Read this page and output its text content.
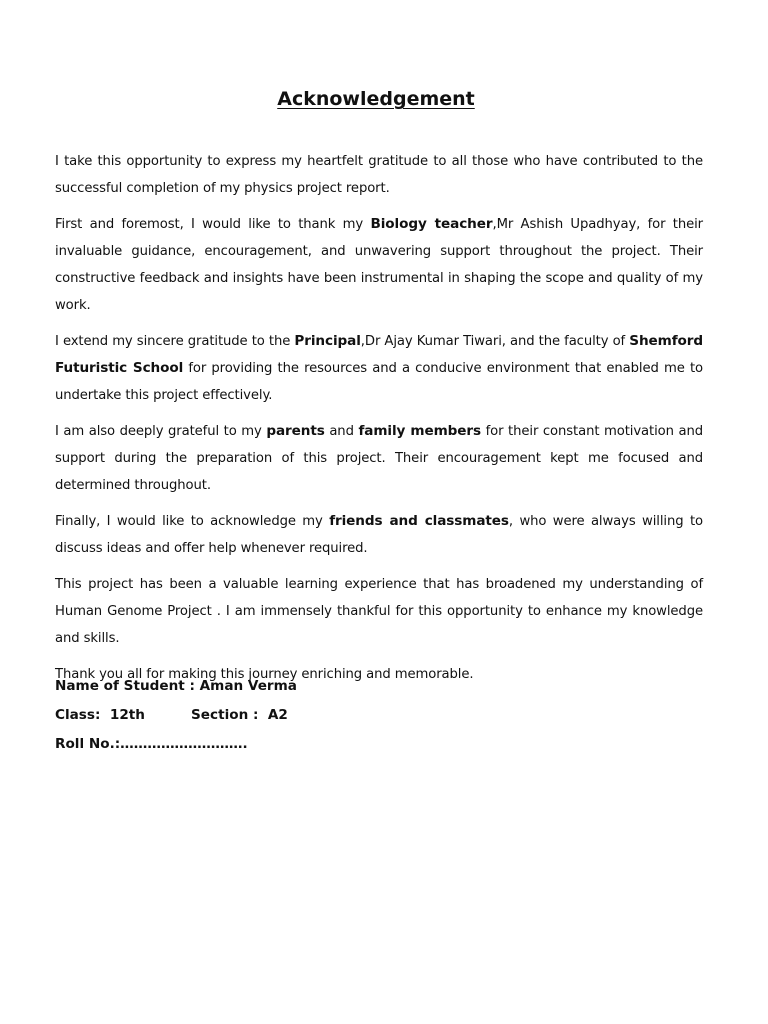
Acknowledgement

I take this opportunity to express my heartfelt gratitude to all those who have contributed to the successful completion of my physics project report.

First and foremost, I would like to thank my Biology teacher,Mr Ashish Upadhyay, for their invaluable guidance, encouragement, and unwavering support throughout the project. Their constructive feedback and insights have been instrumental in shaping the scope and quality of my work.

I extend my sincere gratitude to the Principal,Dr Ajay Kumar Tiwari, and the faculty of Shemford Futuristic School for providing the resources and a conducive environment that enabled me to undertake this project effectively.

I am also deeply grateful to my parents and family members for their constant motivation and support during the preparation of this project. Their encouragement kept me focused and determined throughout.

Finally, I would like to acknowledge my friends and classmates, who were always willing to discuss ideas and offer help whenever required.

This project has been a valuable learning experience that has broadened my understanding of Human Genome Project . I am immensely thankful for this opportunity to enhance my knowledge and skills.

Thank you all for making this journey enriching and memorable.

Name of Student : Aman Verma
Class:  12th	Section :  A2
Roll No.:……………………….
